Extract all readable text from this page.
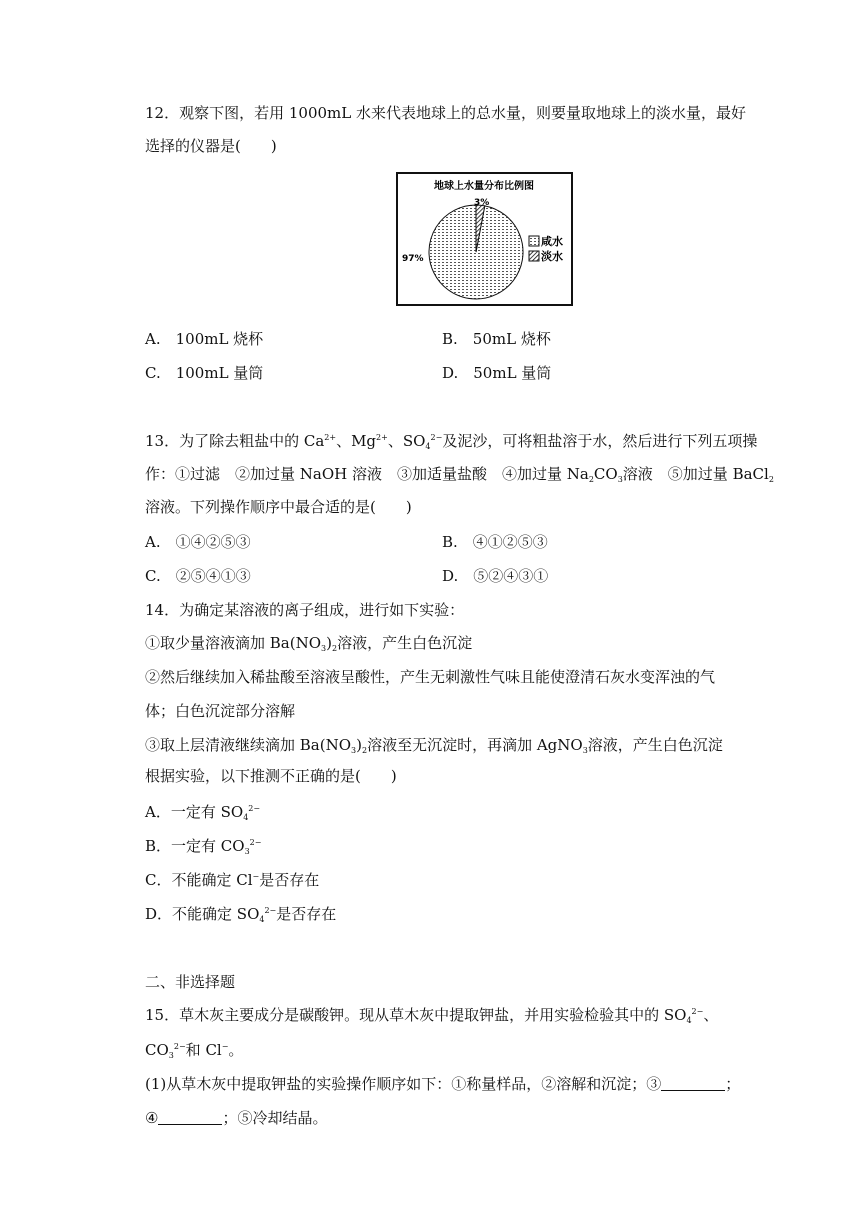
12．观察下图，若用 1000mL 水来代表地球上的总水量，则要量取地球上的淡水量，最好
选择的仪器是(　　)
地球上水量分布比例图
3%
97%
咸水
淡水
A.　100mL 烧杯	B.　50mL 烧杯
C.　100mL 量筒	D.　50mL 量筒
13．为了除去粗盐中的 $Ca^{2+}$、$Mg^{2+}$、$SO_4^{2-}$及泥沙，可将粗盐溶于水，然后进行下列五项操
作：①过滤　②加过量 NaOH 溶液　③加适量盐酸　④加过量 $Na_2CO_3$溶液　⑤加过量 BaCl$_2$
溶液。下列操作顺序中最合适的是(　　)
A.　①④②⑤③	B.　④①②⑤③
C.　②⑤④①③	D.　⑤②④③①
14．为确定某溶液的离子组成，进行如下实验：
①取少量溶液滴加 $Ba(NO_3)_2$溶液，产生白色沉淀
②然后继续加入稀盐酸至溶液呈酸性，产生无刺激性气味且能使澄清石灰水变浑浊的气
体；白色沉淀部分溶解
③取上层清液继续滴加 $Ba(NO_3)_2$溶液至无沉淀时，再滴加 AgNO$_3$溶液，产生白色沉淀
根据实验，以下推测不正确的是(　　)
A．一定有 $SO_4^{2-}$
B．一定有 $CO_3^{2-}$
C．不能确定 Cl−是否存在
D．不能确定 $SO_4^{2-}$是否存在
二、非选择题
15．草木灰主要成分是碳酸钾。现从草木灰中提取钾盐，并用实验检验其中的 $SO_4^{2-}$、
$CO_3^{2-}$和 Cl−。
(1)从草木灰中提取钾盐的实验操作顺序如下：①称量样品，②溶解和沉淀；③	；
④	；⑤冷却结晶。
